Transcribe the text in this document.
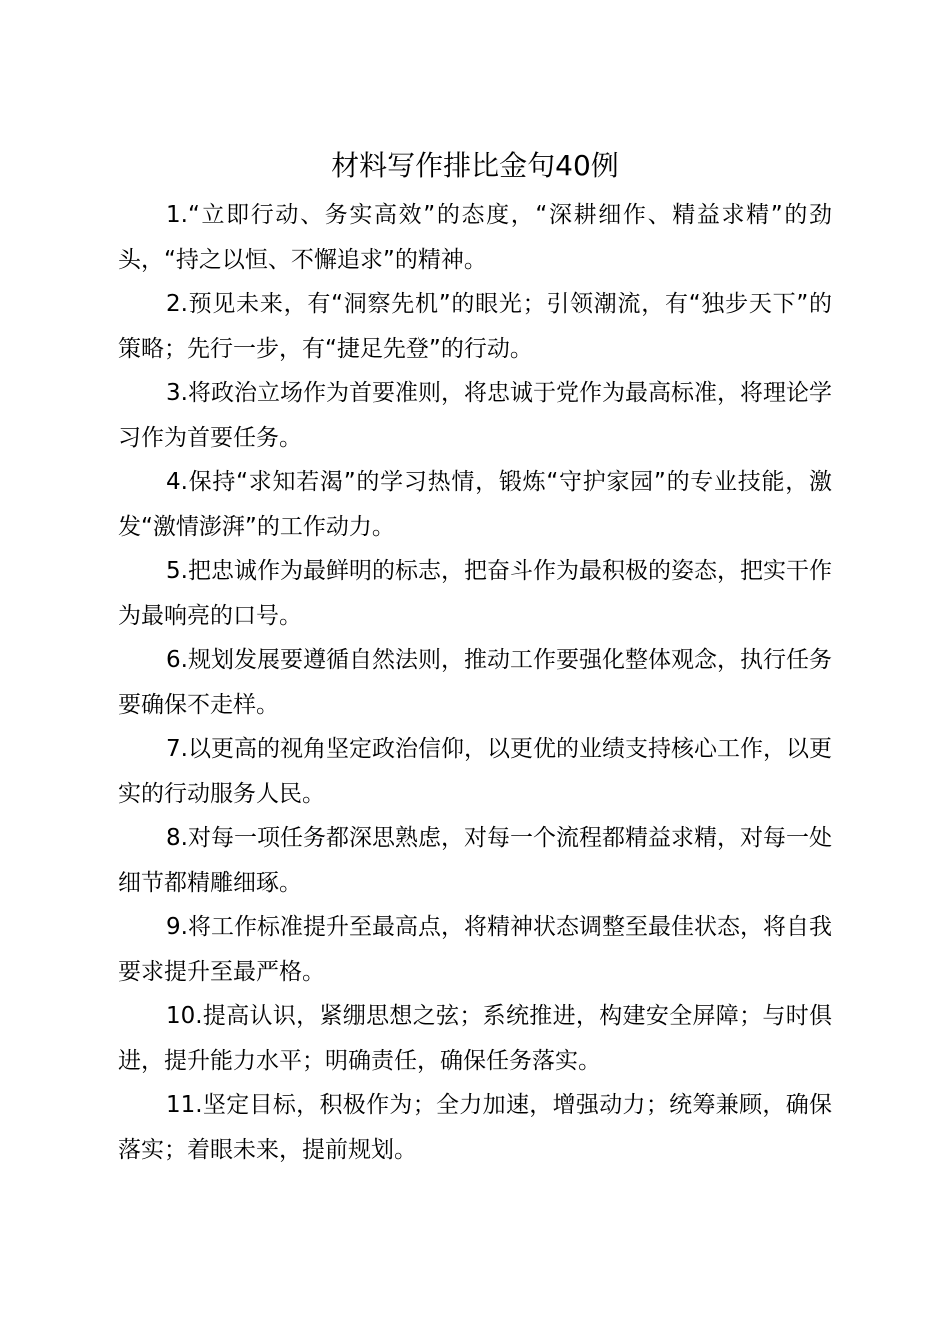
材料写作排比金句40例

1.“立即行动、务实高效”的态度，“深耕细作、精益求精”的劲头，“持之以恒、不懈追求”的精神。

2.预见未来，有“洞察先机”的眼光；引领潮流，有“独步天下”的策略；先行一步，有“捷足先登”的行动。

3.将政治立场作为首要准则，将忠诚于党作为最高标准，将理论学习作为首要任务。

4.保持“求知若渴”的学习热情，锻炼“守护家园”的专业技能，激发“激情澎湃”的工作动力。

5.把忠诚作为最鲜明的标志，把奋斗作为最积极的姿态，把实干作为最响亮的口号。

6.规划发展要遵循自然法则，推动工作要强化整体观念，执行任务要确保不走样。

7.以更高的视角坚定政治信仰，以更优的业绩支持核心工作，以更实的行动服务人民。

8.对每一项任务都深思熟虑，对每一个流程都精益求精，对每一处细节都精雕细琢。

9.将工作标准提升至最高点，将精神状态调整至最佳状态，将自我要求提升至最严格。

10.提高认识，紧绷思想之弦；系统推进，构建安全屏障；与时俱进，提升能力水平；明确责任，确保任务落实。

11.坚定目标，积极作为；全力加速，增强动力；统筹兼顾，确保落实；着眼未来，提前规划。
